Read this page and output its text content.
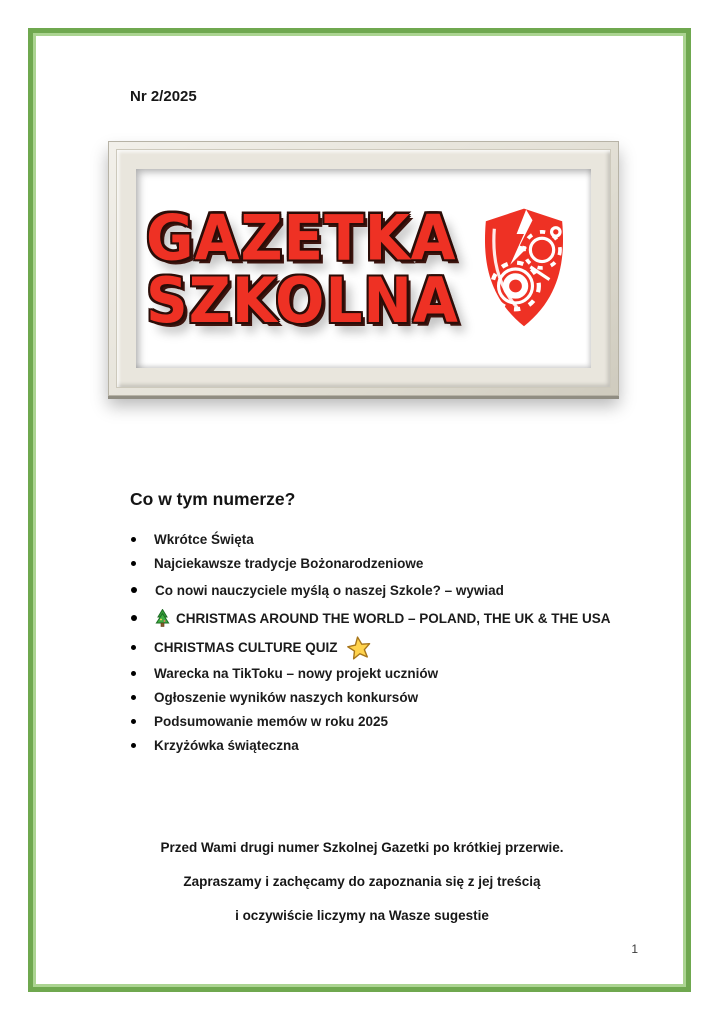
Nr 2/2025
GAZETKA
SZKOLNA
Co w tym numerze?
Wkrótce Święta
Najciekawsze tradycje Bożonarodzeniowe
Co nowi nauczyciele myślą o naszej Szkole? – wywiad
CHRISTMAS AROUND THE WORLD – POLAND, THE UK & THE USA
CHRISTMAS CULTURE QUIZ
Warecka na TikToku – nowy projekt uczniów
Ogłoszenie wyników naszych konkursów
Podsumowanie memów w roku 2025
Krzyżówka świąteczna

Przed Wami drugi numer Szkolnej Gazetki po krótkiej przerwie.

Zapraszamy i zachęcamy do zapoznania się z jej treścią

i oczywiście liczymy na Wasze sugestie

1
